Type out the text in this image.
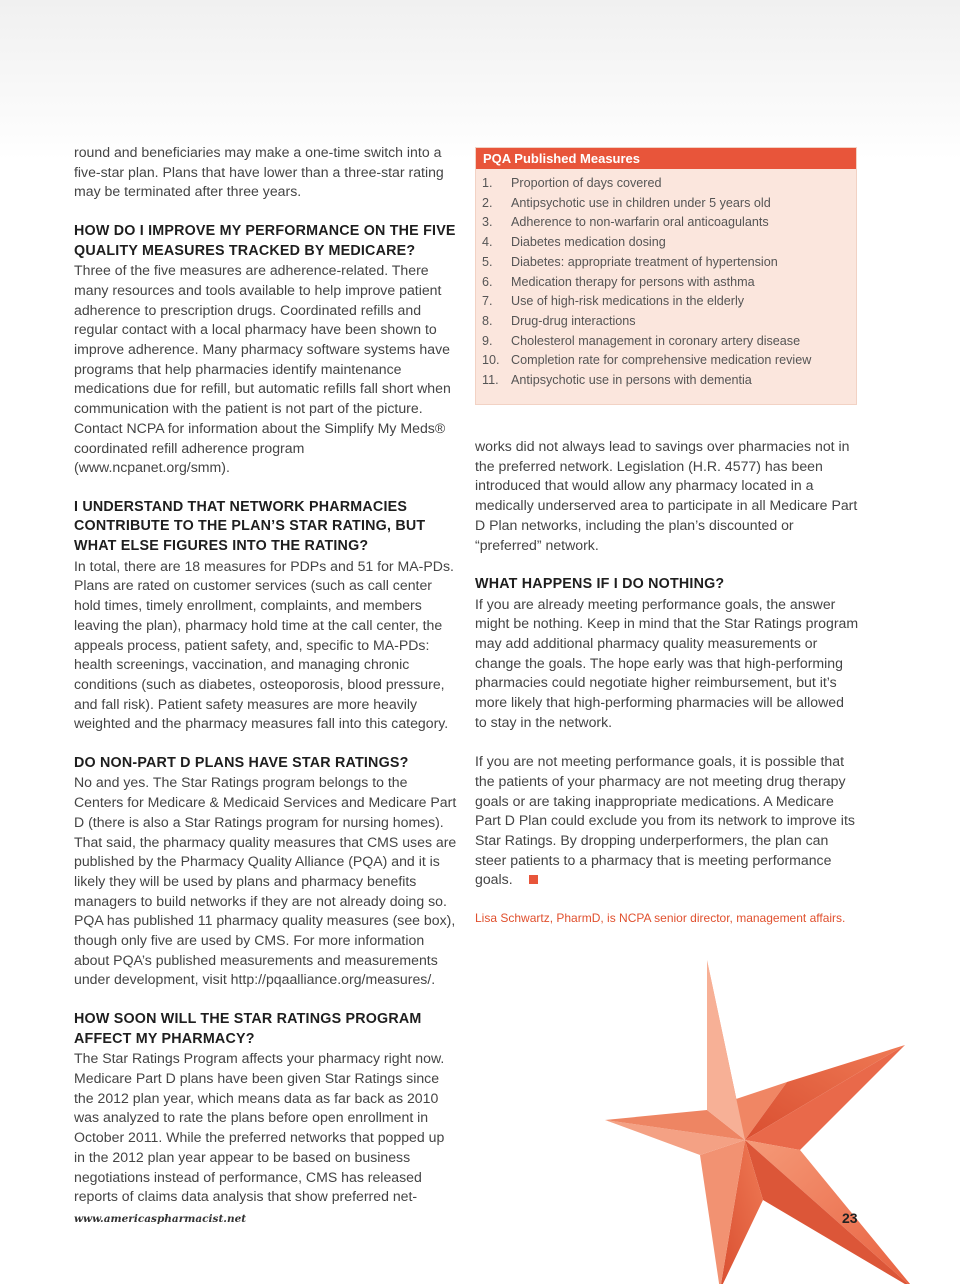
round and beneficiaries may make a one-time switch into a five-star plan. Plans that have lower than a three-star rating may be terminated after three years.

HOW DO I IMPROVE MY PERFORMANCE ON THE FIVE QUALITY MEASURES TRACKED BY MEDICARE?

Three of the five measures are adherence-related. There many resources and tools available to help improve patient adherence to prescription drugs. Coordinated refills and regular contact with a local pharmacy have been shown to improve adherence. Many pharmacy software systems have programs that help pharmacies identify maintenance medications due for refill, but automatic refills fall short when communication with the patient is not part of the picture. Contact NCPA for information about the Simplify My Meds® coordinated refill adherence program (www.ncpanet.org/smm).

I UNDERSTAND THAT NETWORK PHARMACIES CONTRIBUTE TO THE PLAN’S STAR RATING, BUT WHAT ELSE FIGURES INTO THE RATING?

In total, there are 18 measures for PDPs and 51 for MA-PDs. Plans are rated on customer services (such as call center hold times, timely enrollment, complaints, and members leaving the plan), pharmacy hold time at the call center, the appeals process, patient safety, and, specific to MA-PDs: health screenings, vaccination, and managing chronic conditions (such as diabetes, osteoporosis, blood pressure, and fall risk). Patient safety measures are more heavily weighted and the pharmacy measures fall into this category.

DO NON-PART D PLANS HAVE STAR RATINGS?

No and yes. The Star Ratings program belongs to the Centers for Medicare & Medicaid Services and Medicare Part D (there is also a Star Ratings program for nursing homes). That said, the pharmacy quality measures that CMS uses are published by the Pharmacy Quality Alliance (PQA) and it is likely they will be used by plans and pharmacy benefits managers to build networks if they are not already doing so. PQA has published 11 pharmacy quality measures (see box), though only five are used by CMS. For more information about PQA’s published measurements and measurements under development, visit http://pqaalliance.org/measures/.

HOW SOON WILL THE STAR RATINGS PROGRAM AFFECT MY PHARMACY?

The Star Ratings Program affects your pharmacy right now. Medicare Part D plans have been given Star Ratings since the 2012 plan year, which means data as far back as 2010 was analyzed to rate the plans before open enrollment in October 2011. While the preferred networks that popped up in the 2012 plan year appear to be based on business negotiations instead of performance, CMS has released reports of claims data analysis that show preferred net-

PQA Published Measures
1.	Proportion of days covered
2.	Antipsychotic use in children under 5 years old
3.	Adherence to non-warfarin oral anticoagulants
4.	Diabetes medication dosing
5.	Diabetes: appropriate treatment of hypertension
6.	Medication therapy for persons with asthma
7.	Use of high-risk medications in the elderly
8.	Drug-drug interactions
9.	Cholesterol management in coronary artery disease
10. Completion rate for comprehensive medication review
11. Antipsychotic use in persons with dementia

works did not always lead to savings over pharmacies not in the preferred network. Legislation (H.R. 4577) has been introduced that would allow any pharmacy located in a medically underserved area to participate in all Medicare Part D Plan networks, including the plan’s discounted or “preferred” network.

WHAT HAPPENS IF I DO NOTHING?

If you are already meeting performance goals, the answer might be nothing. Keep in mind that the Star Ratings program may add additional pharmacy quality measurements or change the goals. The hope early was that high-performing pharmacies could negotiate higher reimbursement, but it’s more likely that high-performing pharmacies will be allowed to stay in the network.

If you are not meeting performance goals, it is possible that the patients of your pharmacy are not meeting drug therapy goals or are taking inappropriate medications. A Medicare Part D Plan could exclude you from its network to improve its Star Ratings. By dropping underperformers, the plan can steer patients to a pharmacy that is meeting performance goals.

Lisa Schwartz, PharmD, is NCPA senior director, management affairs.

www.americaspharmacist.net	23
